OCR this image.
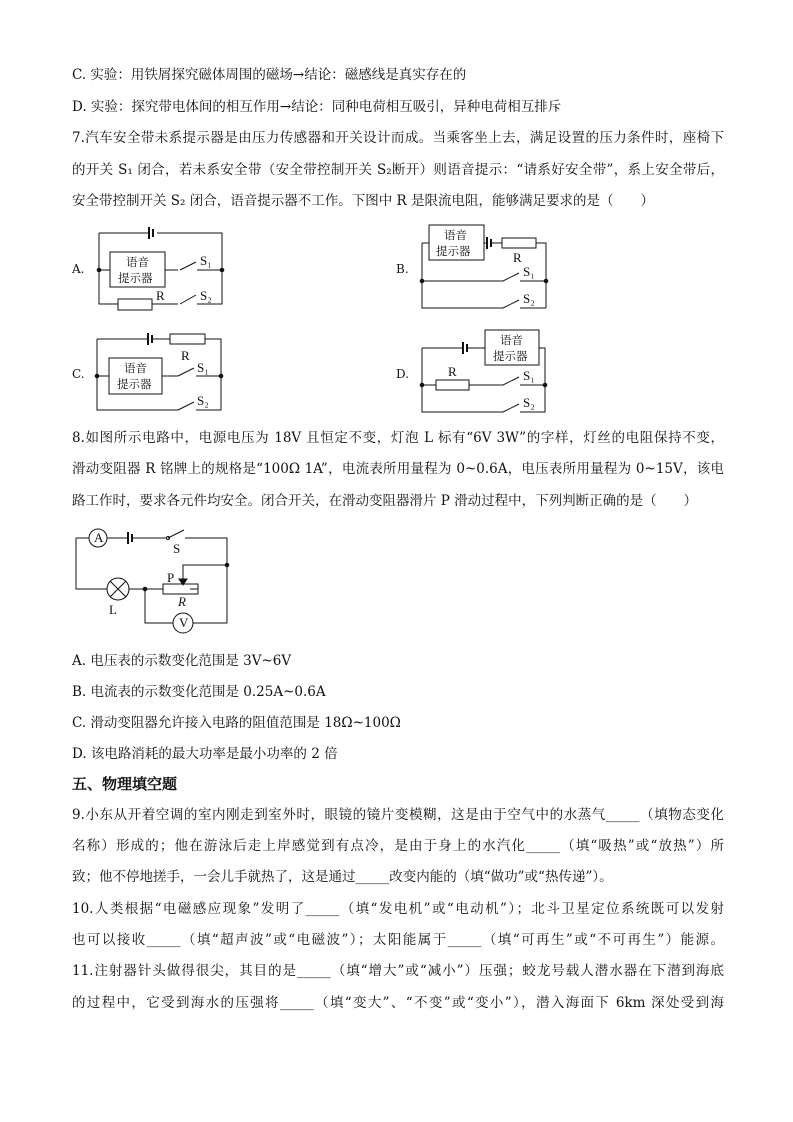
C. 实验：用铁屑探究磁体周围的磁场→结论：磁感线是真实存在的
D. 实验：探究带电体间的相互作用→结论：同种电荷相互吸引，异种电荷相互排斥
7.汽车安全带未系提示器是由压力传感器和开关设计而成。当乘客坐上去，满足设置的压力条件时，座椅下
的开关 S₁ 闭合，若未系安全带（安全带控制开关 S₂断开）则语音提示：“请系好安全带”，系上安全带后，
安全带控制开关 S₂ 闭合，语音提示器不工作。下图中 R 是限流电阻，能够满足要求的是（　　）
A.	B.
C.	D.
8.如图所示电路中，电源电压为 18V 且恒定不变，灯泡 L 标有“6V 3W”的字样，灯丝的电阻保持不变，
滑动变阻器 R 铭牌上的规格是“100Ω 1A”，电流表所用量程为 0~0.6A，电压表所用量程为 0~15V，该电
路工作时，要求各元件均安全。闭合开关，在滑动变阻器滑片 P 滑动过程中，下列判断正确的是（　　）
A. 电压表的示数变化范围是 3V~6V
B. 电流表的示数变化范围是 0.25A~0.6A
C. 滑动变阻器允许接入电路的阻值范围是 18Ω~100Ω
D. 该电路消耗的最大功率是最小功率的 2 倍
五、物理填空题
9.小东从开着空调的室内刚走到室外时，眼镜的镜片变模糊，这是由于空气中的水蒸气_____（填物态变化
名称）形成的；他在游泳后走上岸感觉到有点冷，是由于身上的水汽化_____（填“吸热”或“放热”）所
致；他不停地搓手，一会儿手就热了，这是通过_____改变内能的（填“做功”或“热传递”）。
10.人类根据“电磁感应现象”发明了_____（填“发电机”或“电动机”）；北斗卫星定位系统既可以发射
也可以接收_____（填“超声波”或“电磁波”）；太阳能属于_____（填“可再生”或“不可再生”）能源。
11.注射器针头做得很尖，其目的是_____（填“增大”或“减小”）压强；蛟龙号载人潜水器在下潜到海底
的过程中，它受到海水的压强将_____（填“变大”、“不变”或“变小”），潜入海面下 6km 深处受到海
语音
提示器
R
S₁
S₂
语音
提示器	R
S₁
S₂
语音
提示器
R
S₁
S₂
语音
提示器
R	S₁
S₂
A
V
S
P
R
L
